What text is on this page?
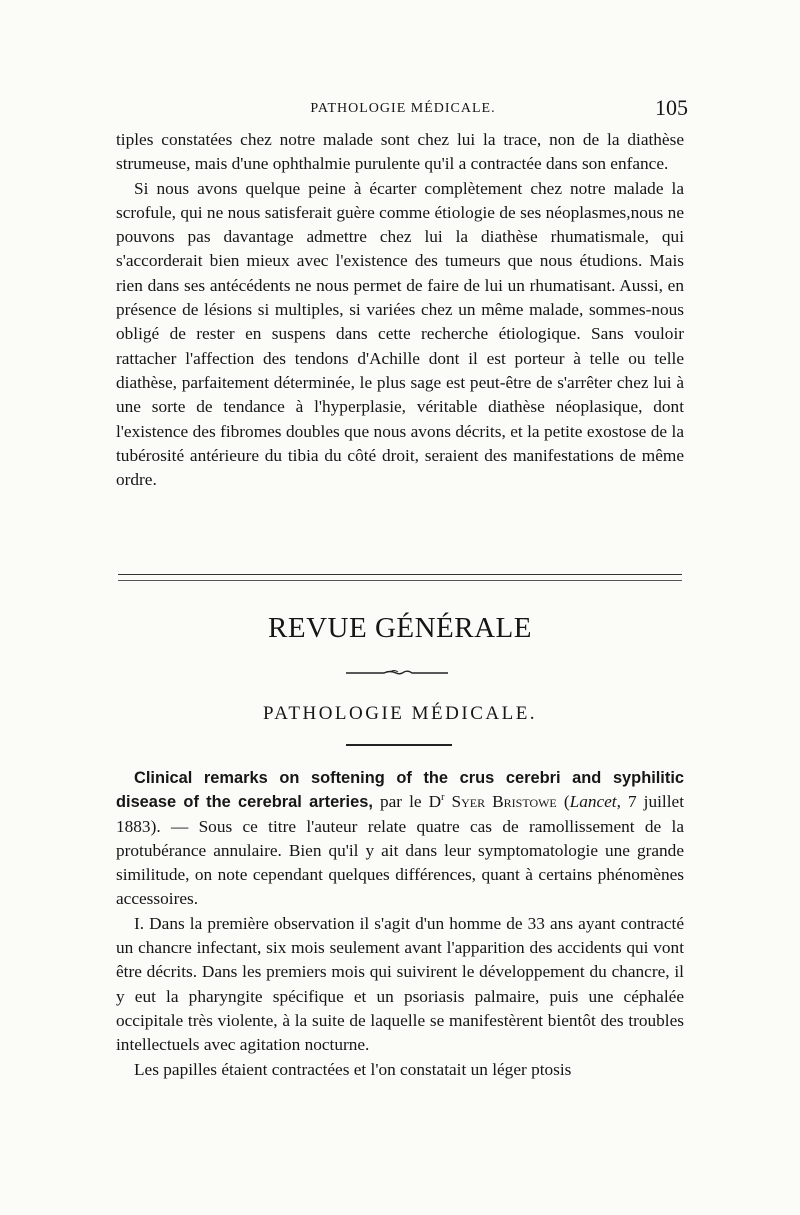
PATHOLOGIE MÉDICALE.	105

tiples constatées chez notre malade sont chez lui la trace, non de la diathèse strumeuse, mais d'une ophthalmie purulente qu'il a contractée dans son enfance.

Si nous avons quelque peine à écarter complètement chez notre malade la scrofule, qui ne nous satisferait guère comme étiologie de ses néoplasmes,nous ne pouvons pas davantage admettre chez lui la diathèse rhumatismale, qui s'accorderait bien mieux avec l'existence des tumeurs que nous étudions. Mais rien dans ses antécédents ne nous permet de faire de lui un rhumatisant. Aussi, en présence de lésions si multiples, si variées chez un même malade, sommes-nous obligé de rester en suspens dans cette recherche étiologique. Sans vouloir rattacher l'affection des tendons d'Achille dont il est porteur à telle ou telle diathèse, parfaitement déterminée, le plus sage est peut-être de s'arrêter chez lui à une sorte de tendance à l'hyperplasie, véritable diathèse néoplasique, dont l'existence des fibromes doubles que nous avons décrits, et la petite exostose de la tubérosité antérieure du tibia du côté droit, seraient des manifestations de même ordre.

REVUE GÉNÉRALE
PATHOLOGIE MÉDICALE.

Clinical remarks on softening of the crus cerebri and syphilitic disease of the cerebral arteries, par le $D^r$ Syer Bristowe (Lancet, 7 juillet 1883). — Sous ce titre l'auteur relate quatre cas de ramollissement de la protubérance annulaire. Bien qu'il y ait dans leur symptomatologie une grande similitude, on note cependant quelques différences, quant à certains phénomènes accessoires.

I. Dans la première observation il s'agit d'un homme de 33 ans ayant contracté un chancre infectant, six mois seulement avant l'apparition des accidents qui vont être décrits. Dans les premiers mois qui suivirent le développement du chancre, il y eut la pharyngite spécifique et un psoriasis palmaire, puis une céphalée occipitale très violente, à la suite de laquelle se manifestèrent bientôt des troubles intellectuels avec agitation nocturne.

Les papilles étaient contractées et l'on constatait un léger ptosis
